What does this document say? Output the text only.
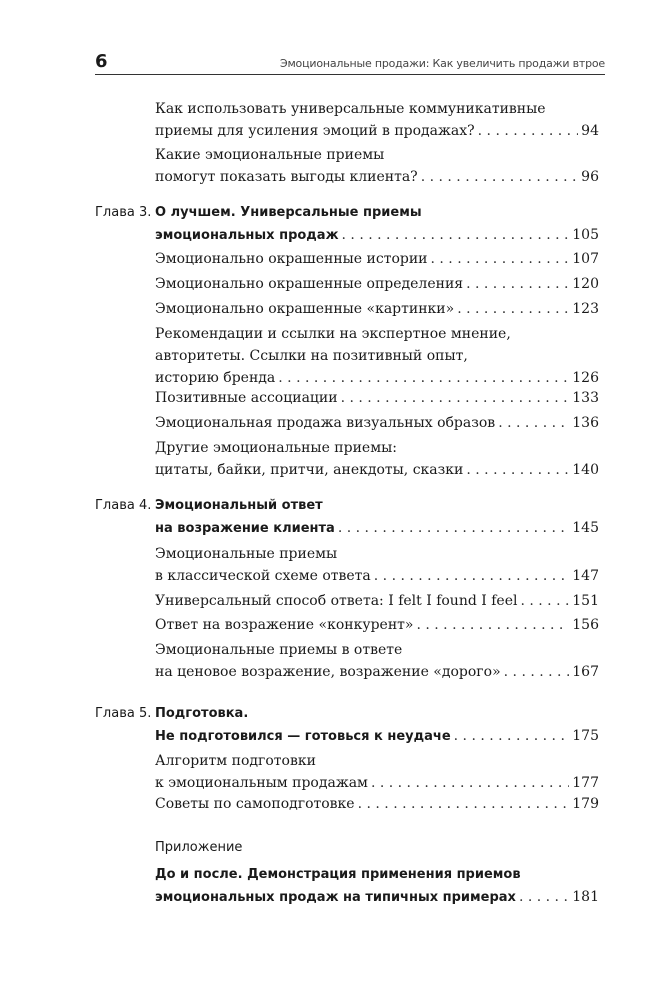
6	Эмоциональные продажи: Как увеличить продажи втрое
Как использовать универсальные коммуникативные
приемы для усиления эмоций в продажах? . . .	94
Какие эмоциональные приемы
помогут показать выгоды клиента? . . .	96
Глава 3. О лучшем. Универсальные приемы
эмоциональных продаж . . .	105
Эмоционально окрашенные истории . . .	107
Эмоционально окрашенные определения . . .	120
Эмоционально окрашенные «картинки» . . .	123
Рекомендации и ссылки на экспертное мнение,
авторитеты. Ссылки на позитивный опыт,
историю бренда . . .	126
Позитивные ассоциации . . .	133
Эмоциональная продажа визуальных образов . . .	136
Другие эмоциональные приемы:
цитаты, байки, притчи, анекдоты, сказки . . .	140
Глава 4. Эмоциональный ответ
на возражение клиента . . .	145
Эмоциональные приемы
в классической схеме ответа . . .	147
Универсальный способ ответа: I felt I found I feel . . .	151
Ответ на возражение «конкурент» . . .	156
Эмоциональные приемы в ответе
на ценовое возражение, возражение «дорого» . . .	167
Глава 5. Подготовка.
Не подготовился — готовься к неудаче . . .	175
Алгоритм подготовки
к эмоциональным продажам . . .	177
Советы по самоподготовке . . .	179
Приложение
До и после. Демонстрация применения приемов
эмоциональных продаж на типичных примерах . . .	181
